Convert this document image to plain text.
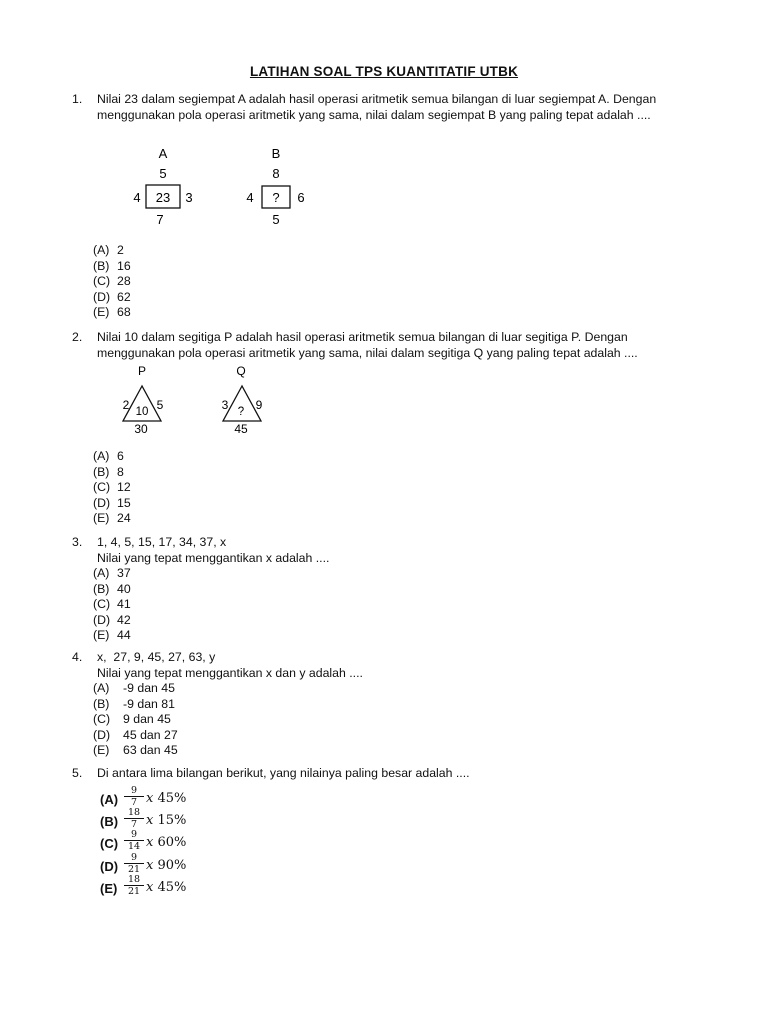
LATIHAN SOAL TPS KUANTITATIF UTBK
1. Nilai 23 dalam segiempat A adalah hasil operasi aritmetik semua bilangan di luar segiempat A. Dengan menggunakan pola operasi aritmetik yang sama, nilai dalam segiempat B yang paling tepat adalah ....
A
5
23
4	3
7
B
8
?
4	6
5
(A) 2
(B) 16
(C) 28
(D) 62
(E) 68
2. Nilai 10 dalam segitiga P adalah hasil operasi aritmetik semua bilangan di luar segitiga P. Dengan menggunakan pola operasi aritmetik yang sama, nilai dalam segitiga Q yang paling tepat adalah ....
P
10
2 5
30
Q
?
3 9
45
(A) 6
(B) 8
(C) 12
(D) 15
(E) 24
3. 1, 4, 5, 15, 17, 34, 37, x
Nilai yang tepat menggantikan x adalah ....
(A) 37
(B) 40
(C) 41
(D) 42
(E) 44
4. x,  27, 9, 45, 27, 63, y
Nilai yang tepat menggantikan x dan y adalah ....
(A) -9 dan 45
(B) -9 dan 81
(C) 9 dan 45
(D) 45 dan 27
(E) 63 dan 45
5. Di antara lima bilangan berikut, yang nilainya paling besar adalah ....
$(A) \frac{9}{7}$ x 45%
$(B) \frac{18}{7}$ x 15%
$(C) \frac{9}{14}$ x 60%
$(D) \frac{9}{21}$ x 90%
$(E) \frac{18}{21}$ x 45%
